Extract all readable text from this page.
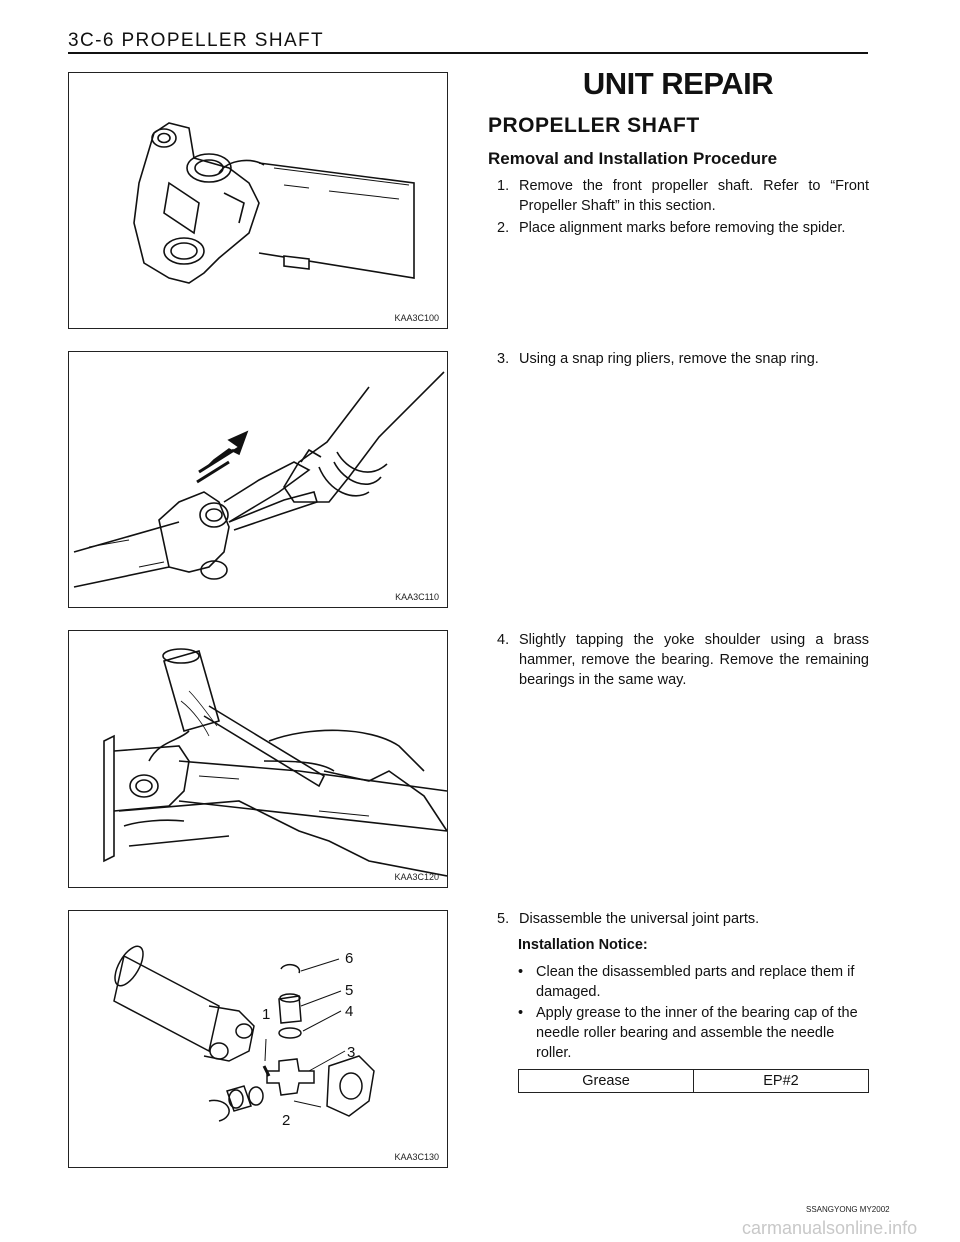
3C-6 PROPELLER SHAFT
KAA3C100
KAA3C110
KAA3C120
6
5
4
1
3
2
KAA3C130
UNIT REPAIR
PROPELLER SHAFT
Removal and Installation Procedure
1. Remove the front propeller shaft. Refer to “Front Propeller Shaft” in this section.
2. Place alignment marks before removing the spider.
3. Using a snap ring pliers, remove the snap ring.
4. Slightly tapping the yoke shoulder using a brass hammer, remove the bearing. Remove the remaining bearings in the same way.
5. Disassemble the universal joint parts.
Installation Notice:
• Clean the disassembled parts and replace them if damaged.
• Apply grease to the inner of the bearing cap of the needle roller bearing and assemble the needle roller.
Grease	EP#2
SSANGYONG MY2002
carmanualsonline.info
